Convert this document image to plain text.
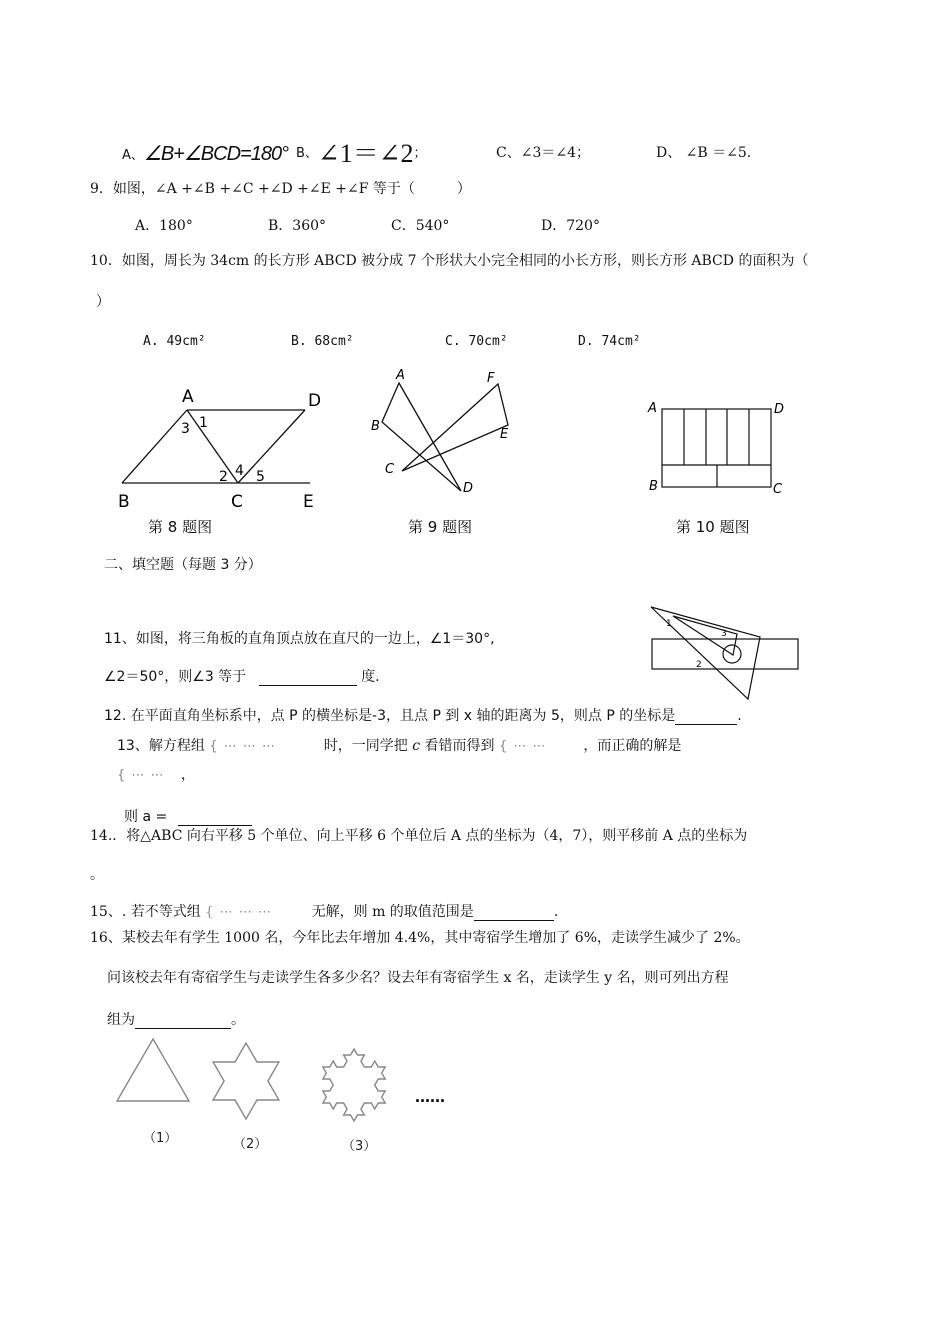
A、∠B+∠BCD=180° B、∠1＝∠2；	C、∠3＝∠4；	D、 ∠B ＝∠5.
9．如图，∠A +∠B +∠C +∠D +∠E +∠F 等于（　　　）
A．180°	B．360°	C．540°	D．720°
10．如图，周长为 34cm 的长方形 ABCD 被分成 7 个形状大小完全相同的小长方形，则长方形 ABCD 的面积为（
）
A. 49cm²	B. 68cm²	C. 70cm²	D. 74cm²
A	D
B	C	E
1
3
2 4 5
第 8 题图
A
B
C
D
E
F
第 9 题图
A	D
B	C
第 10 题图
二、填空题（每题 3 分）
11、如图，将三角板的直角顶点放在直尺的一边上，∠1＝30°,
∠2＝50°，则∠3 等于	度.
1
3
2
12. 在平面直角坐标系中，点 P 的横坐标是-3，且点 P 到 x 轴的距离为 5，则点 P 的坐标是	.
13、解方程组 { ⋯ ⋯ ⋯	时，一同学把 c 看错而得到 { ⋯ ⋯	，而正确的解是
{ ⋯ ⋯ ，
则 a =
14.．将△ABC 向右平移 5 个单位、向上平移 6 个单位后 A 点的坐标为（4，7），则平移前 A 点的坐标为
。
15、. 若不等式组 { ⋯ ⋯ ⋯	无解，则 m 的取值范围是	.
16、某校去年有学生 1000 名，今年比去年增加 4.4%，其中寄宿学生增加了 6%，走读学生减少了 2%。
问该校去年有寄宿学生与走读学生各多少名？设去年有寄宿学生 x 名，走读学生 y 名，则可列出方程
组为	。
（1）	（2）	（3）
……
